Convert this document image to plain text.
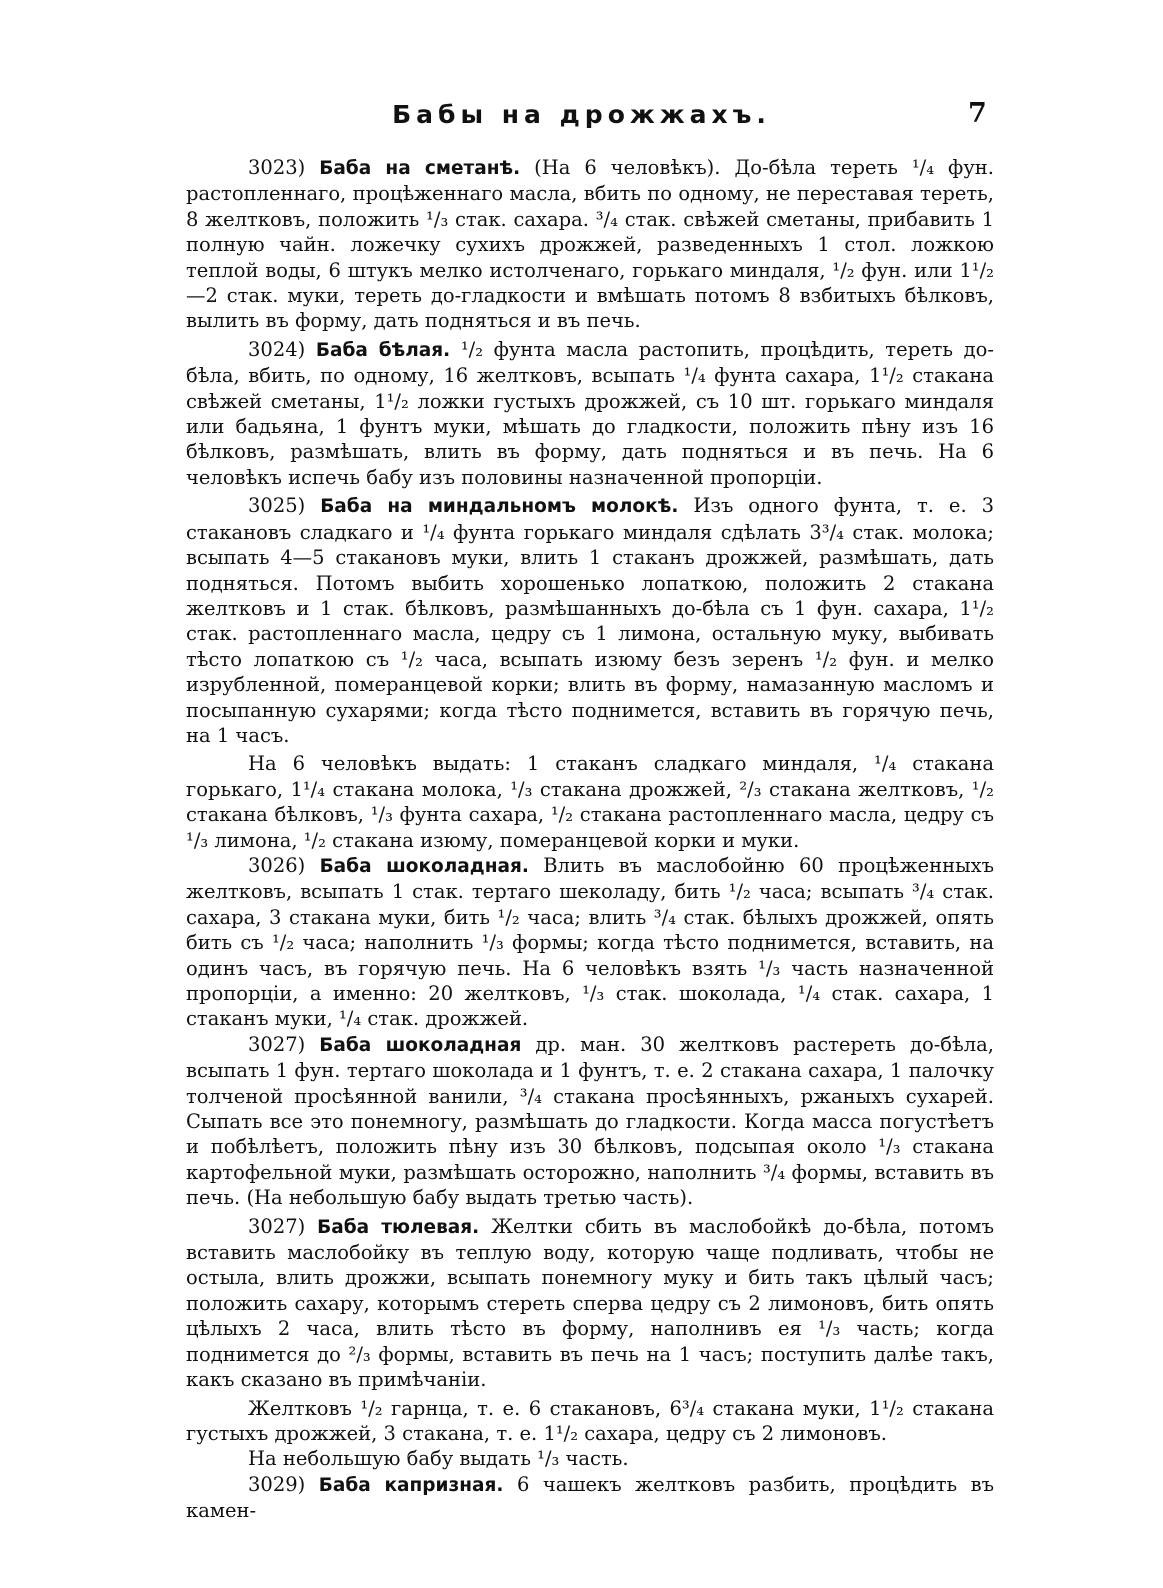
Бабы на дрожжахъ.	7

3023) Баба на сметанѣ. (На 6 человѣкъ). До-бѣла тереть ¹/₄ фун. растопленнаго, процѣженнаго масла, вбить по одному, не переставая тереть, 8 желтковъ, положить ¹/₃ стак. сахара. ³/₄ стак. свѣжей сметаны, прибавить 1 полную чайн. ложечку сухихъ дрожжей, разведенныхъ 1 стол. ложкою теплой воды, 6 штукъ мелко истолченаго, горькаго миндаля, ¹/₂ фун. или 1¹/₂—2 стак. муки, тереть до-гладкости и вмѣшать потомъ 8 взбитыхъ бѣлковъ, вылить въ форму, дать подняться и въ печь.

3024) Баба бѣлая. ¹/₂ фунта масла растопить, процѣдить, тереть до-бѣла, вбить, по одному, 16 желтковъ, всыпать ¹/₄ фунта сахара, 1¹/₂ стакана свѣжей сметаны, 1¹/₂ ложки густыхъ дрожжей, съ 10 шт. горькаго миндаля или бадьяна, 1 фунтъ муки, мѣшать до гладкости, положить пѣну изъ 16 бѣлковъ, размѣшать, влить въ форму, дать подняться и въ печь. На 6 человѣкъ испечь бабу изъ половины назначенной пропорціи.

3025) Баба на миндальномъ молокѣ. Изъ одного фунта, т. е. 3 стакановъ сладкаго и ¹/₄ фунта горькаго миндаля сдѣлать 3³/₄ стак. молока; всыпать 4—5 стакановъ муки, влить 1 стаканъ дрожжей, размѣшать, дать подняться. Потомъ выбить хорошенько лопаткою, положить 2 стакана желтковъ и 1 стак. бѣлковъ, размѣшанныхъ до-бѣла съ 1 фун. сахара, 1¹/₂ стак. растопленнаго масла, цедру съ 1 лимона, остальную муку, выбивать тѣсто лопаткою съ ¹/₂ часа, всыпать изюму безъ зеренъ ¹/₂ фун. и мелко изрубленной, померанцевой корки; влить въ форму, намазанную масломъ и посыпанную сухарями; когда тѣсто поднимется, вставить въ горячую печь, на 1 часъ.

На 6 человѣкъ выдать: 1 стаканъ сладкаго миндаля, ¹/₄ стакана горькаго, 1¹/₄ стакана молока, ¹/₃ стакана дрожжей, ²/₃ стакана желтковъ, ¹/₂ стакана бѣлковъ, ¹/₃ фунта сахара, ¹/₂ стакана растопленнаго масла, цедру съ ¹/₃ лимона, ¹/₂ стакана изюму, померанцевой корки и муки.

3026) Баба шоколадная. Влить въ маслобойню 60 процѣженныхъ желтковъ, всыпать 1 стак. тертаго шеколаду, бить ¹/₂ часа; всыпать ³/₄ стак. сахара, 3 стакана муки, бить ¹/₂ часа; влить ³/₄ стак. бѣлыхъ дрожжей, опять бить съ ¹/₂ часа; наполнить ¹/₃ формы; когда тѣсто поднимется, вставить, на одинъ часъ, въ горячую печь. На 6 человѣкъ взять ¹/₃ часть назначенной пропорціи, а именно: 20 желтковъ, ¹/₃ стак. шоколада, ¹/₄ стак. сахара, 1 стаканъ муки, ¹/₄ стак. дрожжей.

3027) Баба шоколадная др. ман. 30 желтковъ растереть до-бѣла, всыпать 1 фун. тертаго шоколада и 1 фунтъ, т. е. 2 стакана сахара, 1 палочку толченой просѣянной ванили, ³/₄ стакана просѣянныхъ, ржаныхъ сухарей. Сыпать все это понемногу, размѣшать до гладкости. Когда масса погустѣетъ и побѣлѣетъ, положить пѣну изъ 30 бѣлковъ, подсыпая около ¹/₃ стакана картофельной муки, размѣшать осторожно, наполнить ³/₄ формы, вставить въ печь. (На небольшую бабу выдать третью часть).

3027) Баба тюлевая. Желтки сбить въ маслобойкѣ до-бѣла, потомъ вставить маслобойку въ теплую воду, которую чаще подливать, чтобы не остыла, влить дрожжи, всыпать понемногу муку и бить такъ цѣлый часъ; положить сахару, которымъ стереть сперва цедру съ 2 лимоновъ, бить опять цѣлыхъ 2 часа, влить тѣсто въ форму, наполнивъ ея ¹/₃ часть; когда поднимется до ²/₃ формы, вставить въ печь на 1 часъ; поступить далѣе такъ, какъ сказано въ примѣчаніи.

Желтковъ ¹/₂ гарнца, т. е. 6 стакановъ, 6³/₄ стакана муки, 1¹/₂ стакана густыхъ дрожжей, 3 стакана, т. е. 1¹/₂ сахара, цедру съ 2 лимоновъ.

На небольшую бабу выдать ¹/₃ часть.

3029) Баба капризная. 6 чашекъ желтковъ разбить, процѣдить въ камен-
